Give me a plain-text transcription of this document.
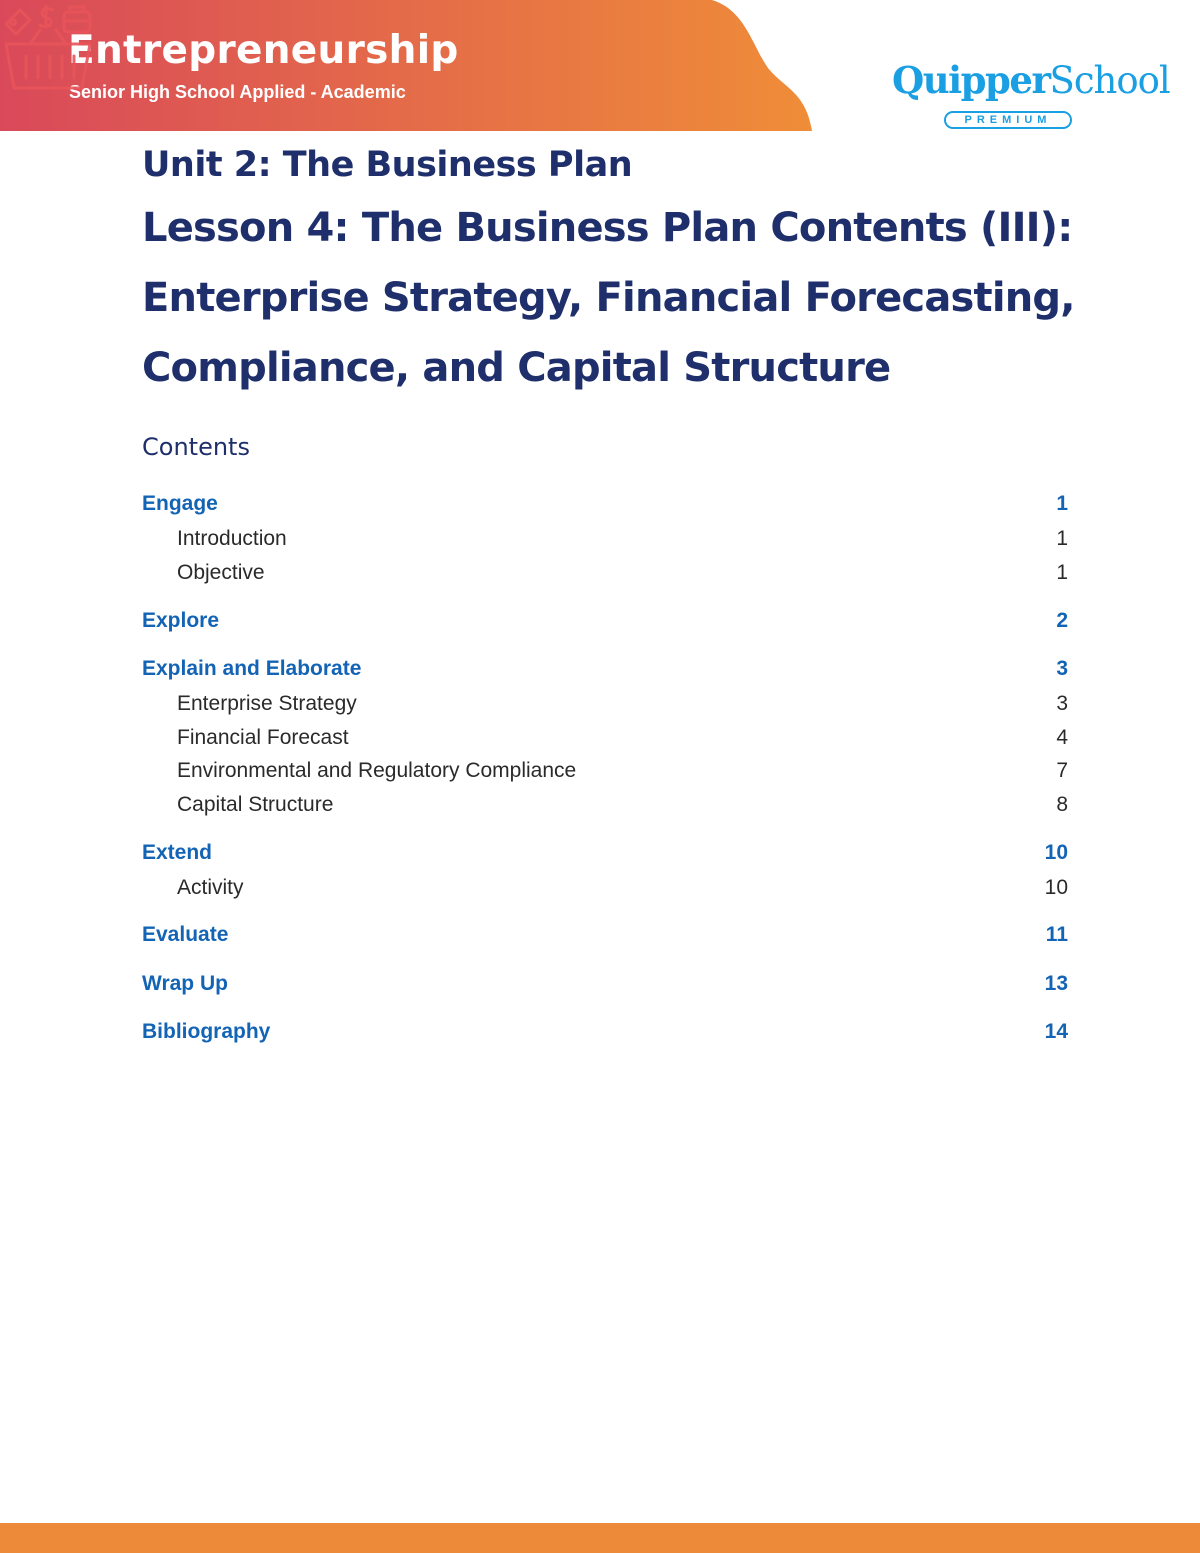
Entrepreneurship
Senior High School Applied - Academic	QuipperSchool
PREMIUM
Unit 2: The Business Plan
Lesson 4: The Business Plan Contents (III):
Enterprise Strategy, Financial Forecasting,
Compliance, and Capital Structure
Contents
Engage	1
Introduction	1
Objective	1
Explore	2
Explain and Elaborate	3
Enterprise Strategy	3
Financial Forecast	4
Environmental and Regulatory Compliance	7
Capital Structure	8
Extend	10
Activity	10
Evaluate	11
Wrap Up	13
Bibliography	14
